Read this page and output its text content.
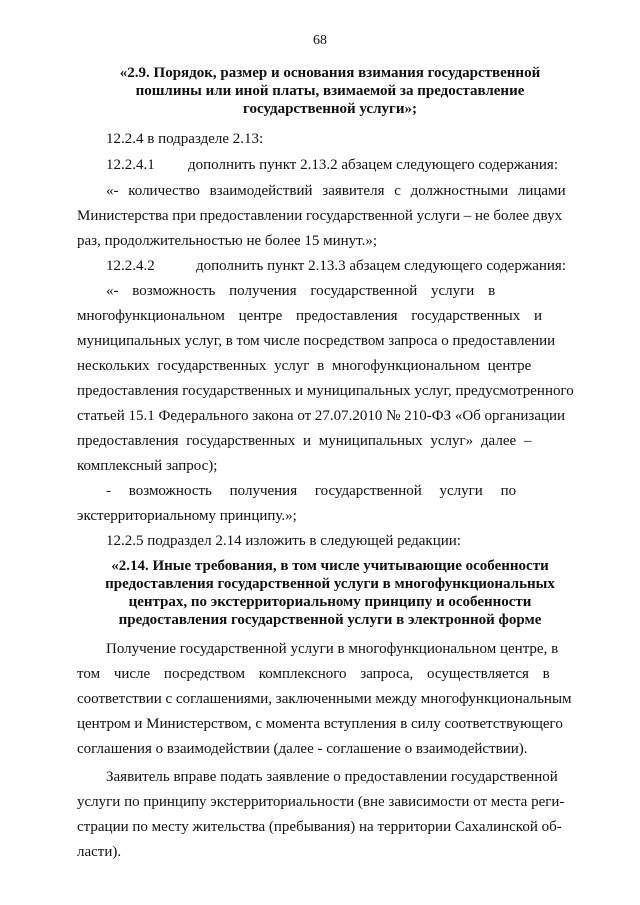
68
«2.9. Порядок, размер и основания взимания государственной
пошлины или иной платы, взимаемой за предоставление
государственной услуги»;
12.2.4 в подразделе 2.13:
12.2.4.1 дополнить пункт 2.13.2 абзацем следующего содержания:
«- количество взаимодействий заявителя с должностными лицами
Министерства при предоставлении государственной услуги – не более двух
раз, продолжительностью не более 15 минут.»;
12.2.4.2	дополнить пункт 2.13.3 абзацем следующего содержания:
«- возможность получения государственной услуги в
многофункциональном центре предоставления государственных и
муниципальных услуг, в том числе посредством запроса о предоставлении
нескольких государственных услуг в многофункциональном центре
предоставления государственных и муниципальных услуг, предусмотренного
статьей 15.1 Федерального закона от 27.07.2010 № 210-ФЗ «Об организации
предоставления государственных и муниципальных услуг» далее –
комплексный запрос);
- возможность получения государственной услуги по
экстерриториальному принципу.»;
12.2.5 подраздел 2.14 изложить в следующей редакции:
«2.14. Иные требования, в том числе учитывающие особенности
предоставления государственной услуги в многофункциональных
центрах, по экстерриториальному принципу и особенности
предоставления государственной услуги в электронной форме
Получение государственной услуги в многофункциональном центре, в
том числе посредством комплексного запроса, осуществляется в
соответствии с соглашениями, заключенными между многофункциональным
центром и Министерством, с момента вступления в силу соответствующего
соглашения о взаимодействии (далее - соглашение о взаимодействии).
Заявитель вправе подать заявление о предоставлении государственной
услуги по принципу экстерриториальности (вне зависимости от места реги-
страции по месту жительства (пребывания) на территории Сахалинской об-
ласти).
